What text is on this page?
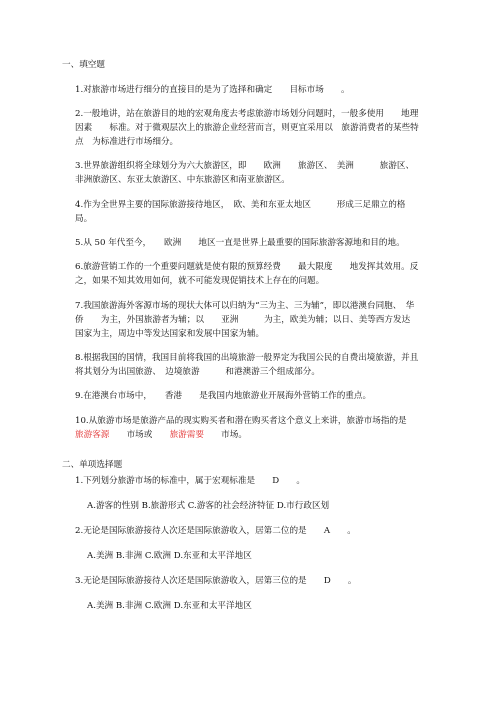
一、填空题
1.对旅游市场进行细分的直接目的是为了选择和确定　　目标市场　　。
2.一般地讲，站在旅游目的地的宏观角度去考虑旅游市场划分问题时，一般多使用　　地理
因素　　标准。对于微观层次上的旅游企业经营而言，则更宜采用以　旅游消费者的某些特
点　为标准进行市场细分。
3.世界旅游组织将全球划分为六大旅游区，即　　欧洲　　旅游区、　美洲　　　旅游区、
非洲旅游区、东亚太旅游区、中东旅游区和南亚旅游区。
4.作为全世界主要的国际旅游接待地区，　欧、美和东亚太地区　　　形成三足鼎立的格
局。
5.从 50 年代至今，　　欧洲　　地区一直是世界上最重要的国际旅游客源地和目的地。
6.旅游营销工作的一个重要问题就是使有限的预算经费　　最大限度　　地发挥其效用。反
之，如果不知其效用如何，就不可能发现促销技术上存在的问题。
7.我国旅游海外客源市场的现状大体可以归纳为“三为主、三为辅”，即以港澳台同胞、　华
侨　　为主，外国旅游者为辅；以　　亚洲　　　为主，欧美为辅；以日、美等西方发达
国家为主，周边中等发达国家和发展中国家为辅。
8.根据我国的国情，我国目前将我国的出境旅游一般界定为我国公民的自费出境旅游，并且
将其划分为出国旅游、　边境旅游　　　和港澳游三个组成部分。
9.在港澳台市场中，　　香港　　是我国内地旅游业开展海外营销工作的重点。
10.从旅游市场是旅游产品的现实购买者和潜在购买者这个意义上来讲，旅游市场指的是
旅游客源　　市场或　　旅游需要　　市场。
二、单项选择题
1.下列划分旅游市场的标准中，属于宏观标准是　　D　　。
A.游客的性别 B.旅游形式 C.游客的社会经济特征 D.市行政区划
2.无论是国际旅游接待人次还是国际旅游收入，居第二位的是　　A　　。
A.美洲 B.非洲 C.欧洲 D.东亚和太平洋地区
3.无论是国际旅游接待人次还是国际旅游收入，居第三位的是　　D　　。
A.美洲 B.非洲 C.欧洲 D.东亚和太平洋地区
